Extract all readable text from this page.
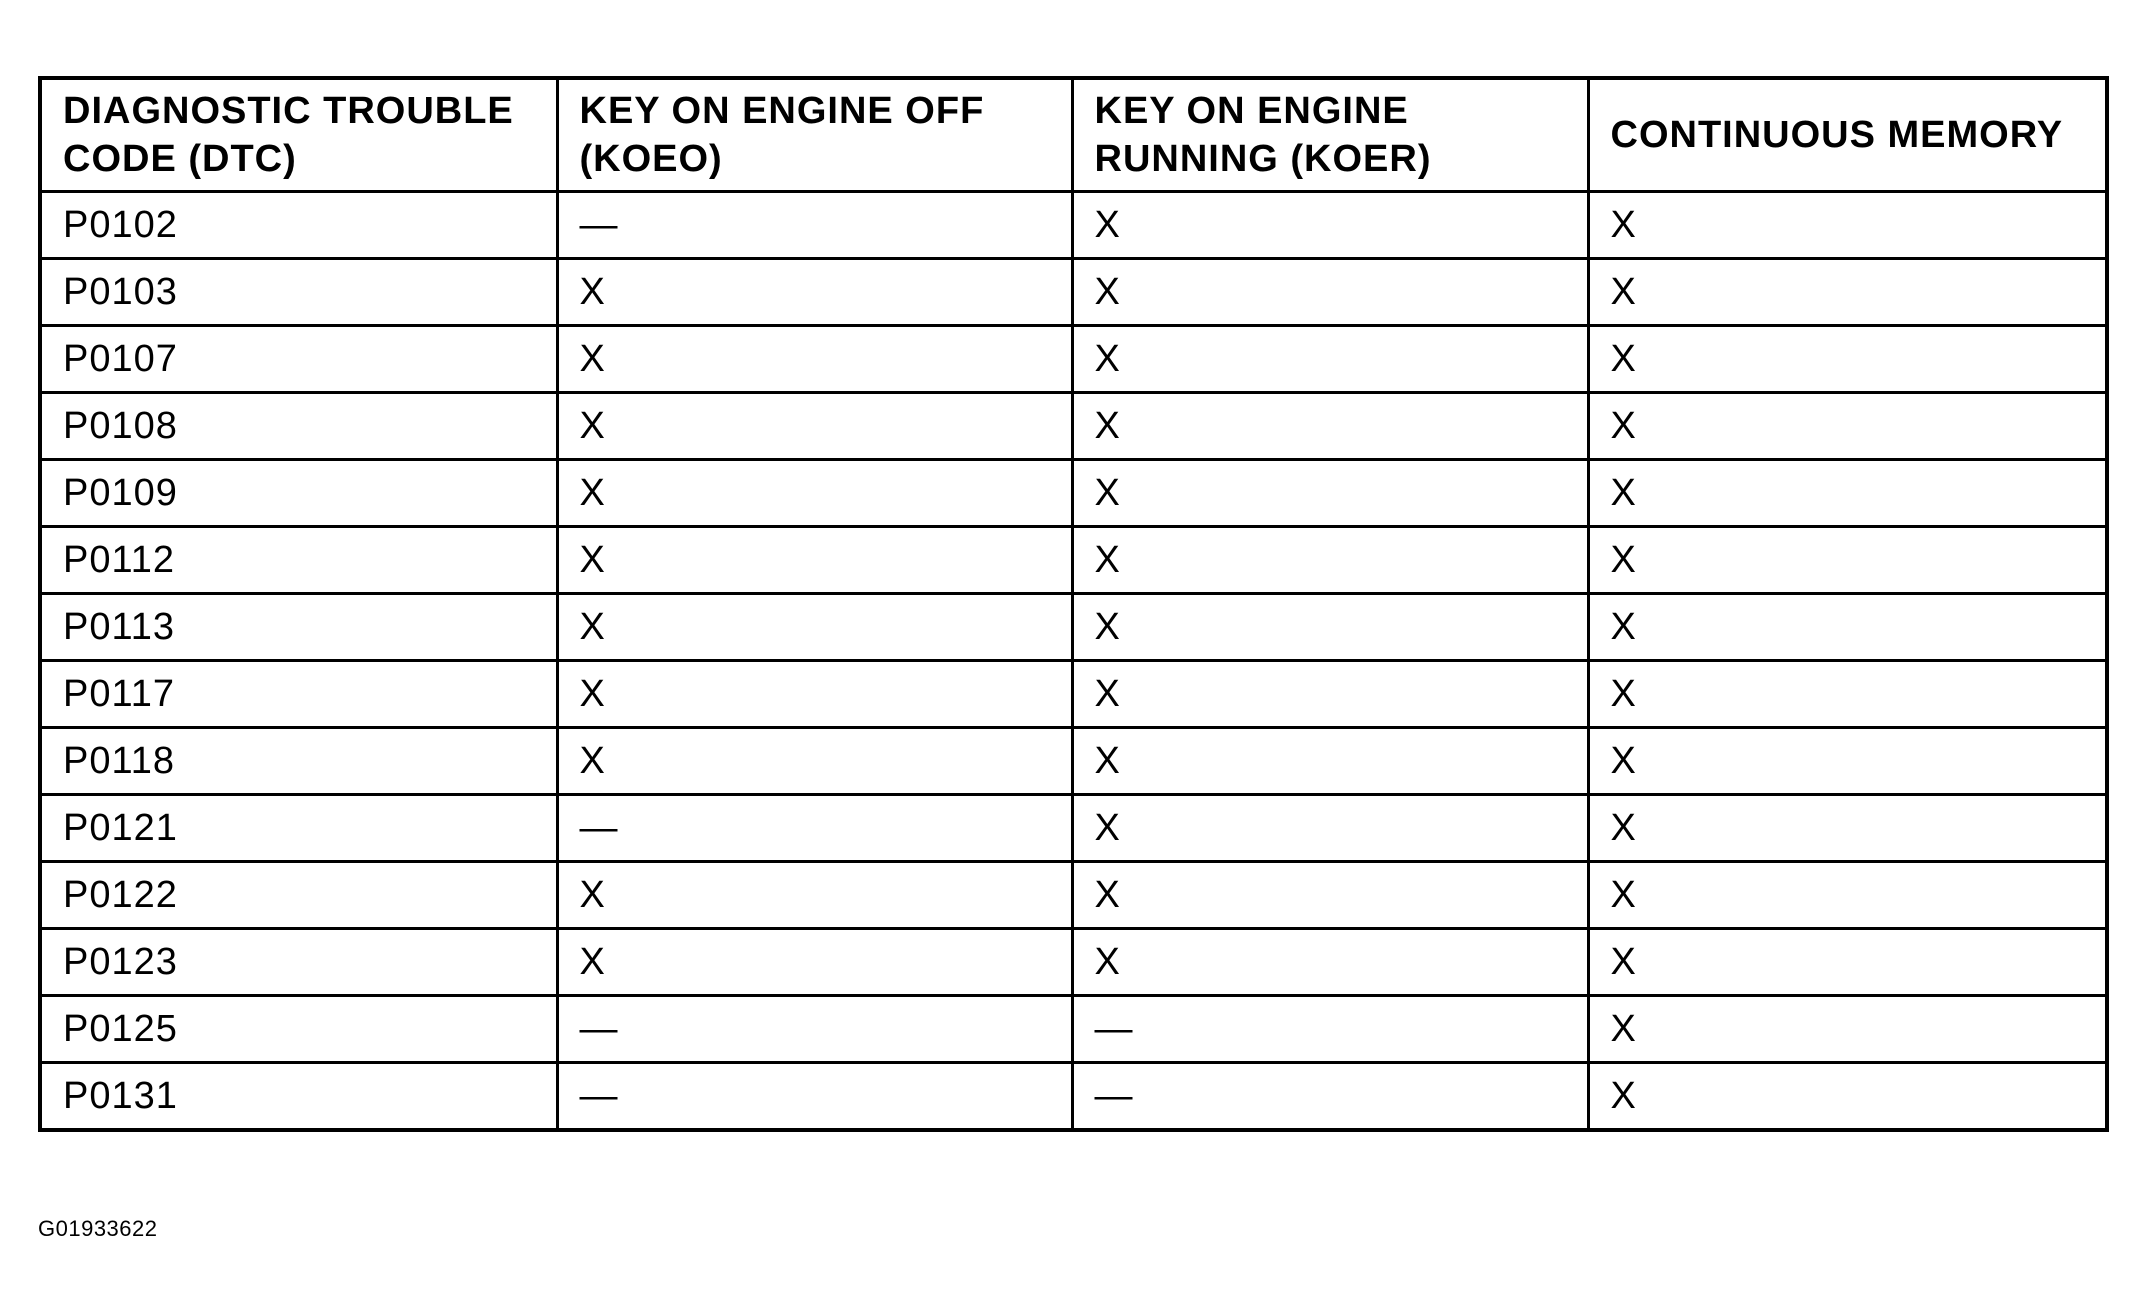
DIAGNOSTIC TROUBLE CODE (DTC)	KEY ON ENGINE OFF (KOEO)	KEY ON ENGINE RUNNING (KOER)	CONTINUOUS MEMORY
P0102	—	X	X
P0103	X	X	X
P0107	X	X	X
P0108	X	X	X
P0109	X	X	X
P0112	X	X	X
P0113	X	X	X
P0117	X	X	X
P0118	X	X	X
P0121	—	X	X
P0122	X	X	X
P0123	X	X	X
P0125	—	—	X
P0131	—	—	X
G01933622
